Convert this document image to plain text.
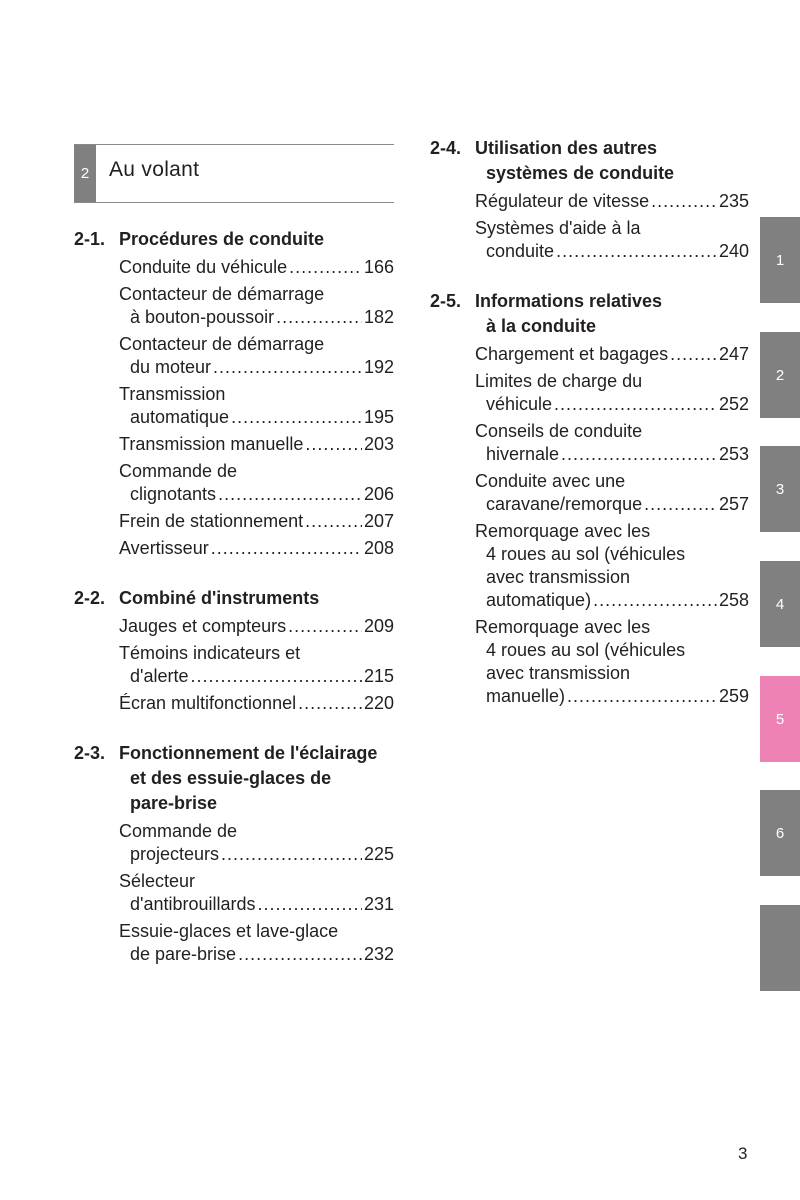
2 Au volant
2-1. Procédures de conduite
Conduite du véhicule .....	166
Contacteur de démarrage
à bouton-poussoir .....	182
Contacteur de démarrage
du moteur .....	192
Transmission
automatique .....	195
Transmission manuelle .....	203
Commande de
clignotants .....	206
Frein de stationnement .....	207
Avertisseur .....	208
2-2. Combiné d'instruments
Jauges et compteurs .....	209
Témoins indicateurs et
d'alerte .....	215
Écran multifonctionnel .....	220
2-3. Fonctionnement de l'éclairage

et des essuie-glaces de
pare-brise
Commande de
projecteurs .....	225
Sélecteur
d'antibrouillards .....	231
Essuie-glaces et lave-glace
de pare-brise .....	232
2-4. Utilisation des autres

systèmes de conduite
Régulateur de vitesse .....	235
Systèmes d'aide à la
conduite .....	240
2-5. Informations relatives

à la conduite
Chargement et bagages .....	247
Limites de charge du
véhicule .....	252
Conseils de conduite
hivernale .....	253
Conduite avec une
caravane/remorque .....	257
Remorquage avec les
4 roues au sol (véhicules
avec transmission
automatique) .....	258
Remorquage avec les
4 roues au sol (véhicules
avec transmission
manuelle) .....	259
1
2
3
4
5
6
3
